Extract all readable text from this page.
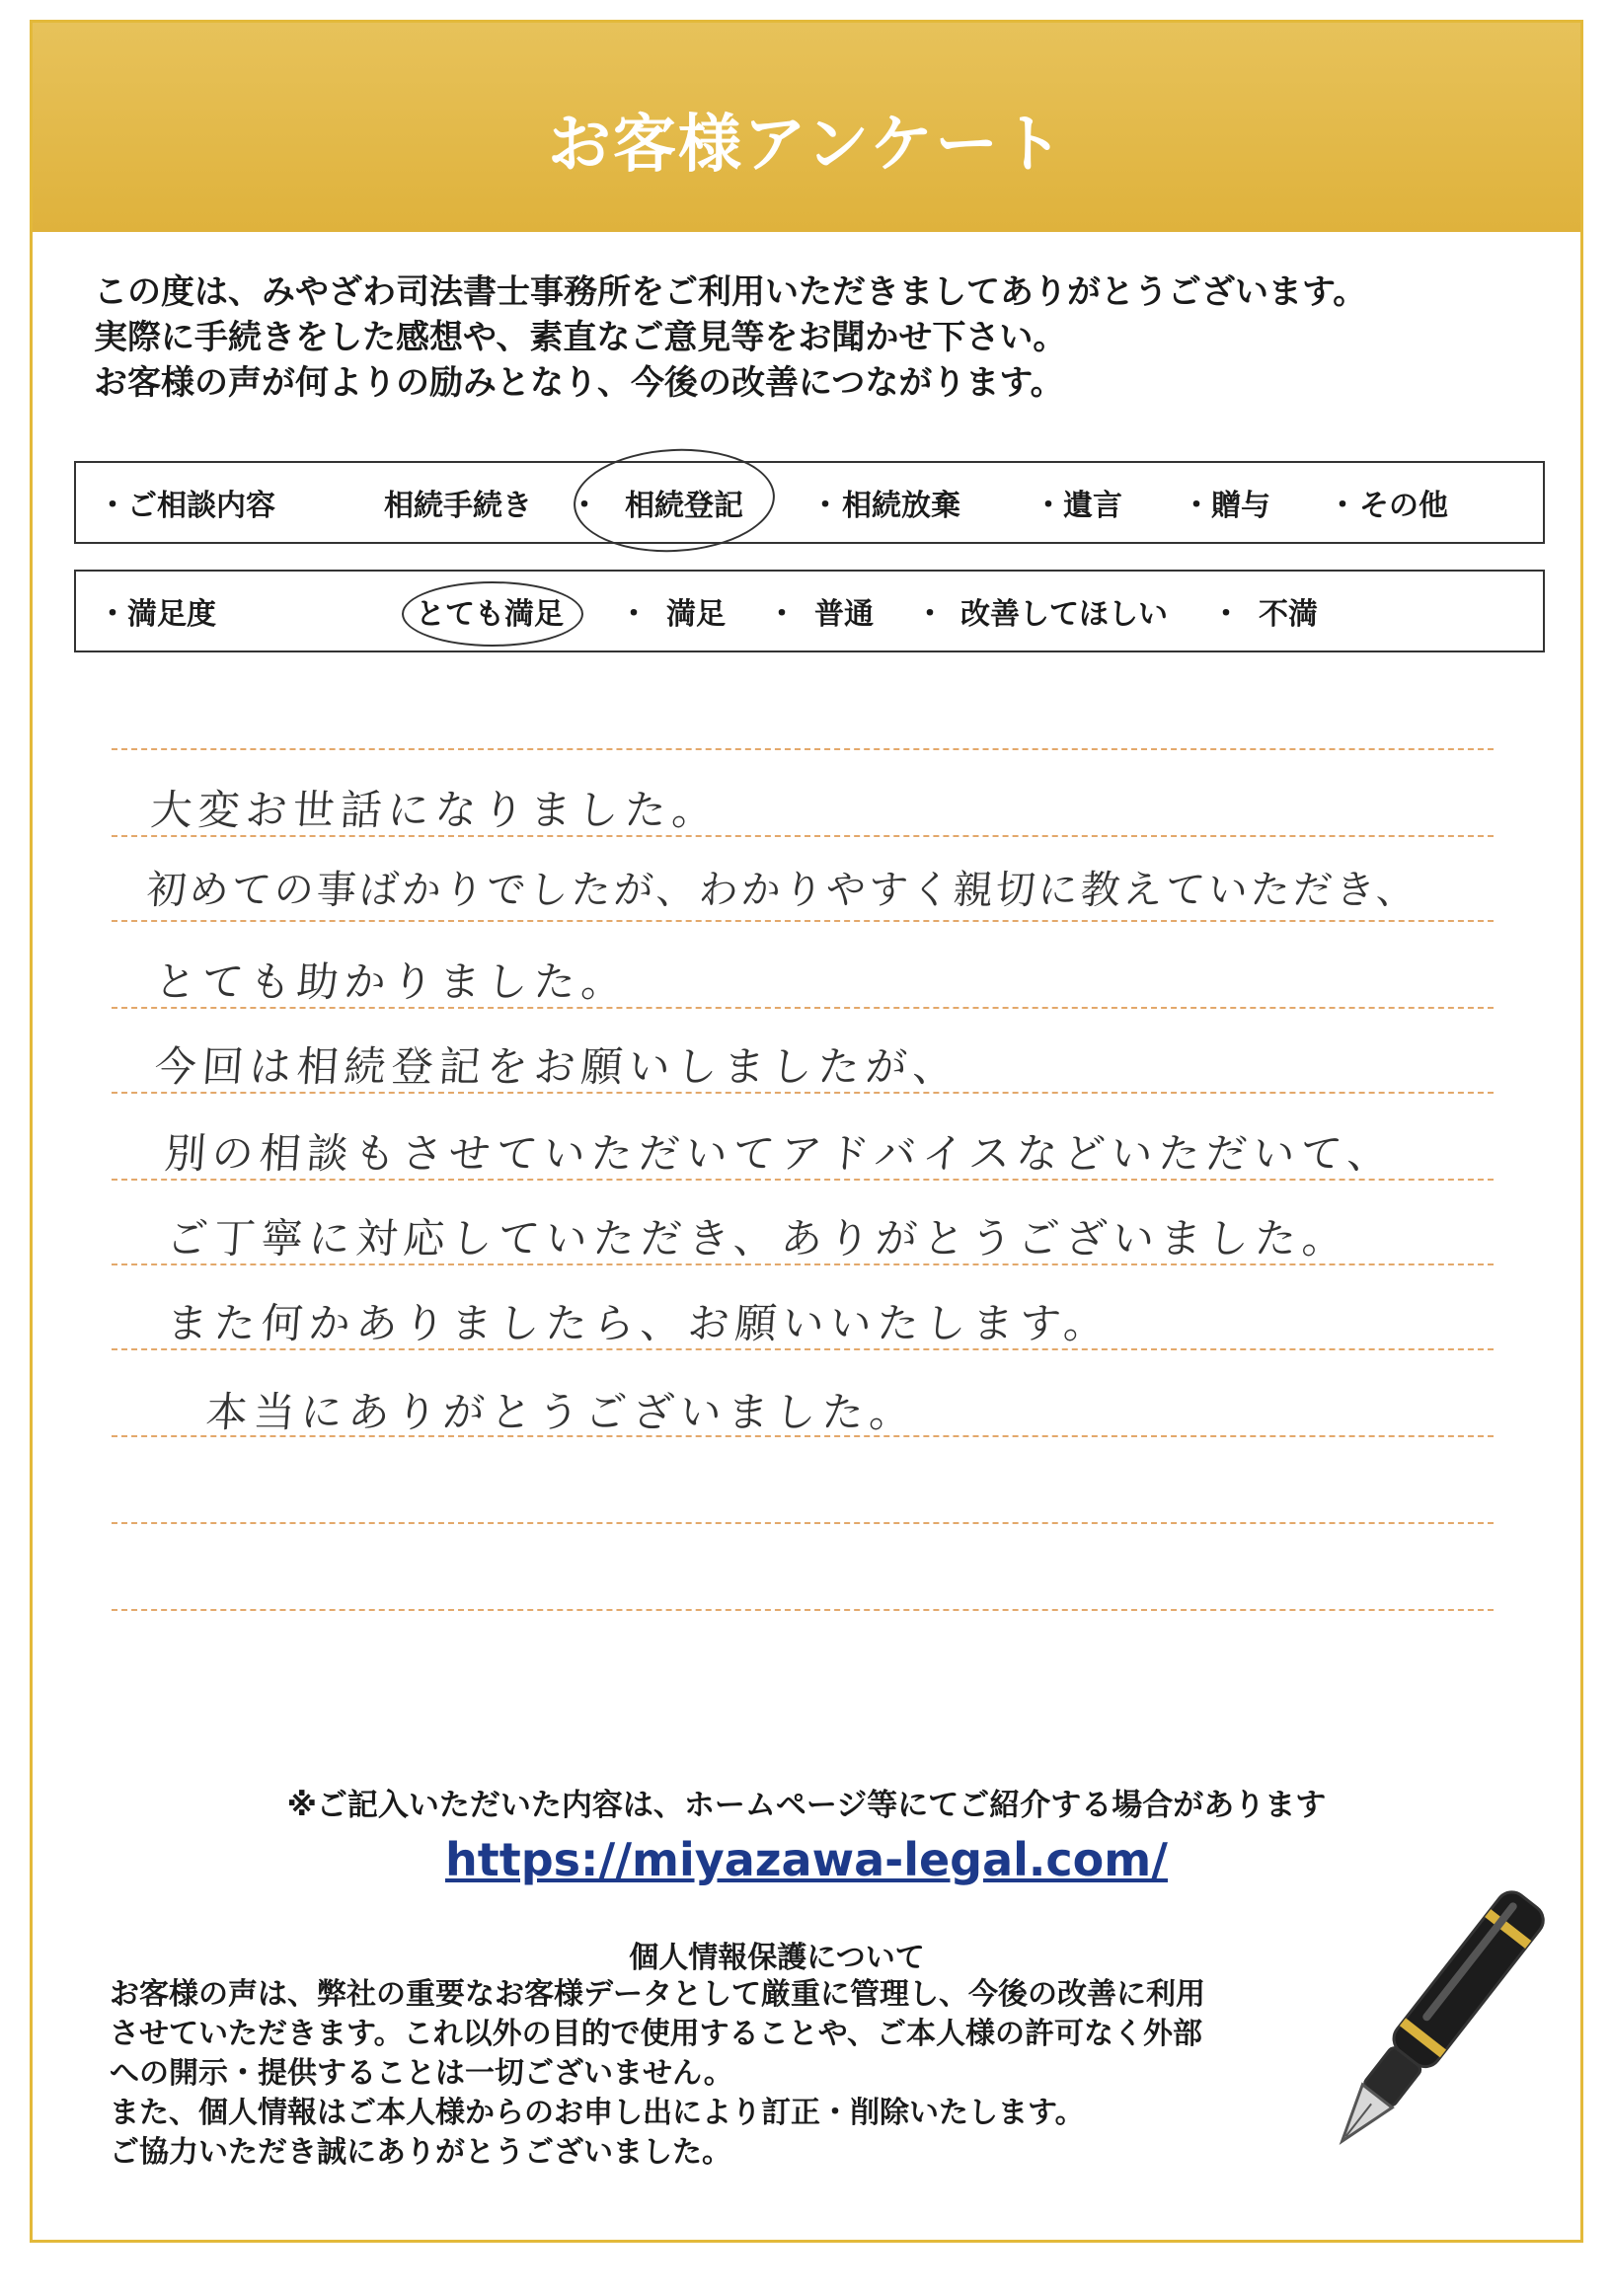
お客様アンケート
この度は、みやざわ司法書士事務所をご利用いただきましてありがとうございます。
実際に手続きをした感想や、素直なご意見等をお聞かせ下さい。
お客様の声が何よりの励みとなり、今後の改善につながります。
・ご相談内容	相続手続き ・ 相続登記 ・ 相続放棄 ・ 遺言 ・ 贈与 ・ その他
・満足度	とても満足 ・ 満足 ・ 普通 ・ 改善してほしい ・ 不満
大変お世話になりました。
初めての事ばかりでしたが、わかりやすく親切に教えていただき、
とても助かりました。
今回は相続登記をお願いしましたが、
別の相談もさせていただいてアドバイスなどいただいて、
ご丁寧に対応していただき、ありがとうございました。
また何かありましたら、お願いいたします。
本当にありがとうございました。
※ご記入いただいた内容は、ホームページ等にてご紹介する場合があります
https://miyazawa-legal.com/
個人情報保護について
お客様の声は、弊社の重要なお客様データとして厳重に管理し、今後の改善に利用
させていただきます。これ以外の目的で使用することや、ご本人様の許可なく外部
への開示・提供することは一切ございません。
また、個人情報はご本人様からのお申し出により訂正・削除いたします。
ご協力いただき誠にありがとうございました。
